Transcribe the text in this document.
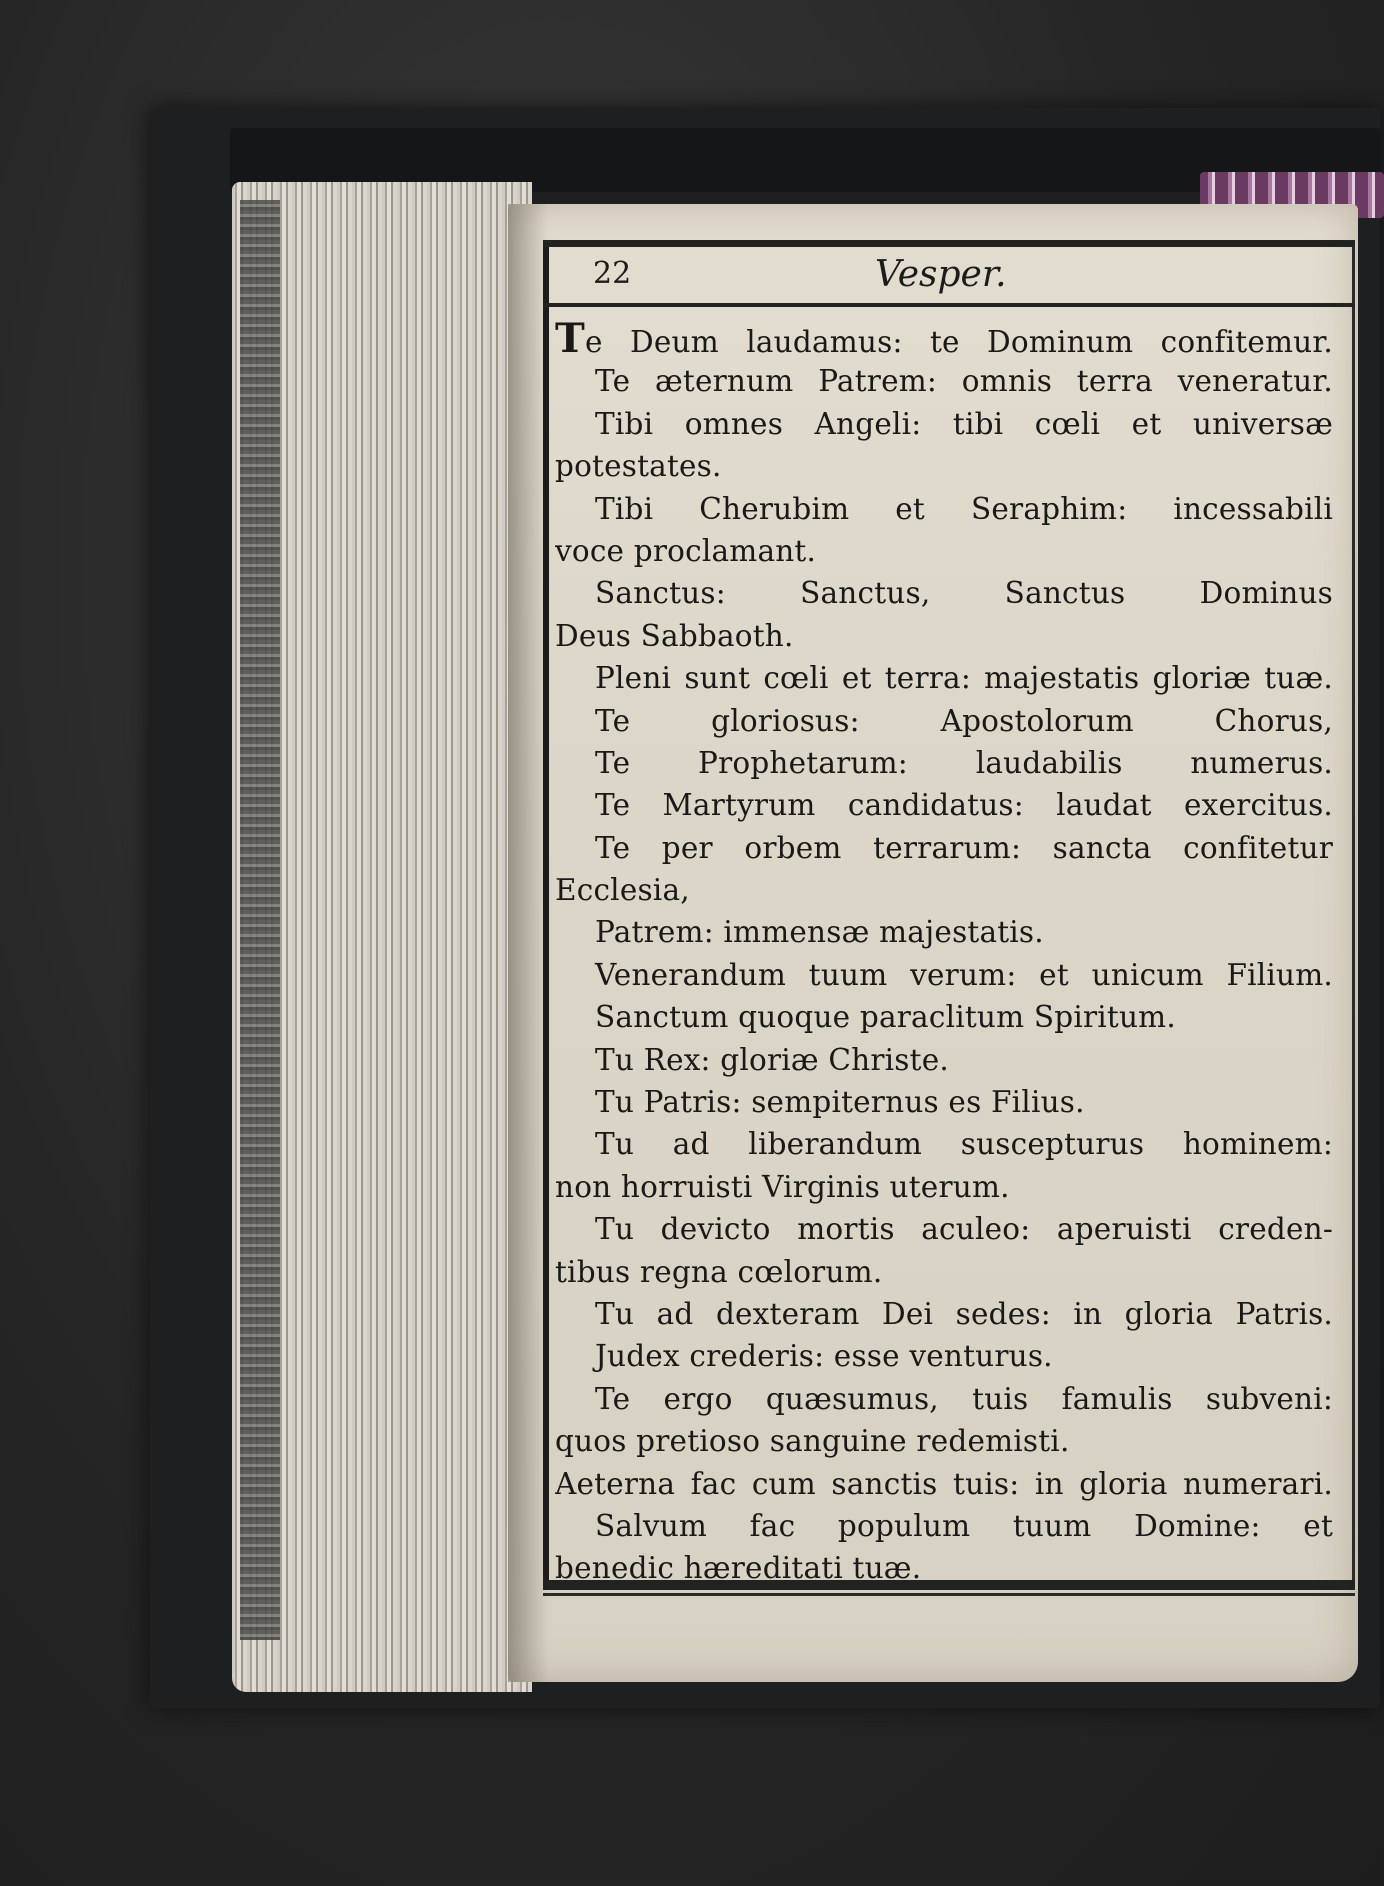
22	Vesper.
Te Deum laudamus: te Dominum confitemur.
Te æternum Patrem: omnis terra veneratur.
Tibi omnes Angeli: tibi cœli et universæ
potestates.
Tibi Cherubim et Seraphim: incessabili
voce proclamant.
Sanctus: Sanctus, Sanctus Dominus
Deus Sabbaoth.
Pleni sunt cœli et terra: majestatis gloriæ tuæ.
Te gloriosus: Apostolorum Chorus,
Te Prophetarum: laudabilis numerus.
Te Martyrum candidatus: laudat exercitus.
Te per orbem terrarum: sancta confitetur
Ecclesia,
Patrem: immensæ majestatis.
Venerandum tuum verum: et unicum Filium.
Sanctum quoque paraclitum Spiritum.
Tu Rex: gloriæ Christe.
Tu Patris: sempiternus es Filius.
Tu ad liberandum suscepturus hominem:
non horruisti Virginis uterum.
Tu devicto mortis aculeo: aperuisti creden-
tibus regna cœlorum.
Tu ad dexteram Dei sedes: in gloria Patris.
Judex crederis: esse venturus.
Te ergo quæsumus, tuis famulis subveni:
quos pretioso sanguine redemisti.
Aeterna fac cum sanctis tuis: in gloria numerari.
Salvum fac populum tuum Domine: et
benedic hæreditati tuæ.
